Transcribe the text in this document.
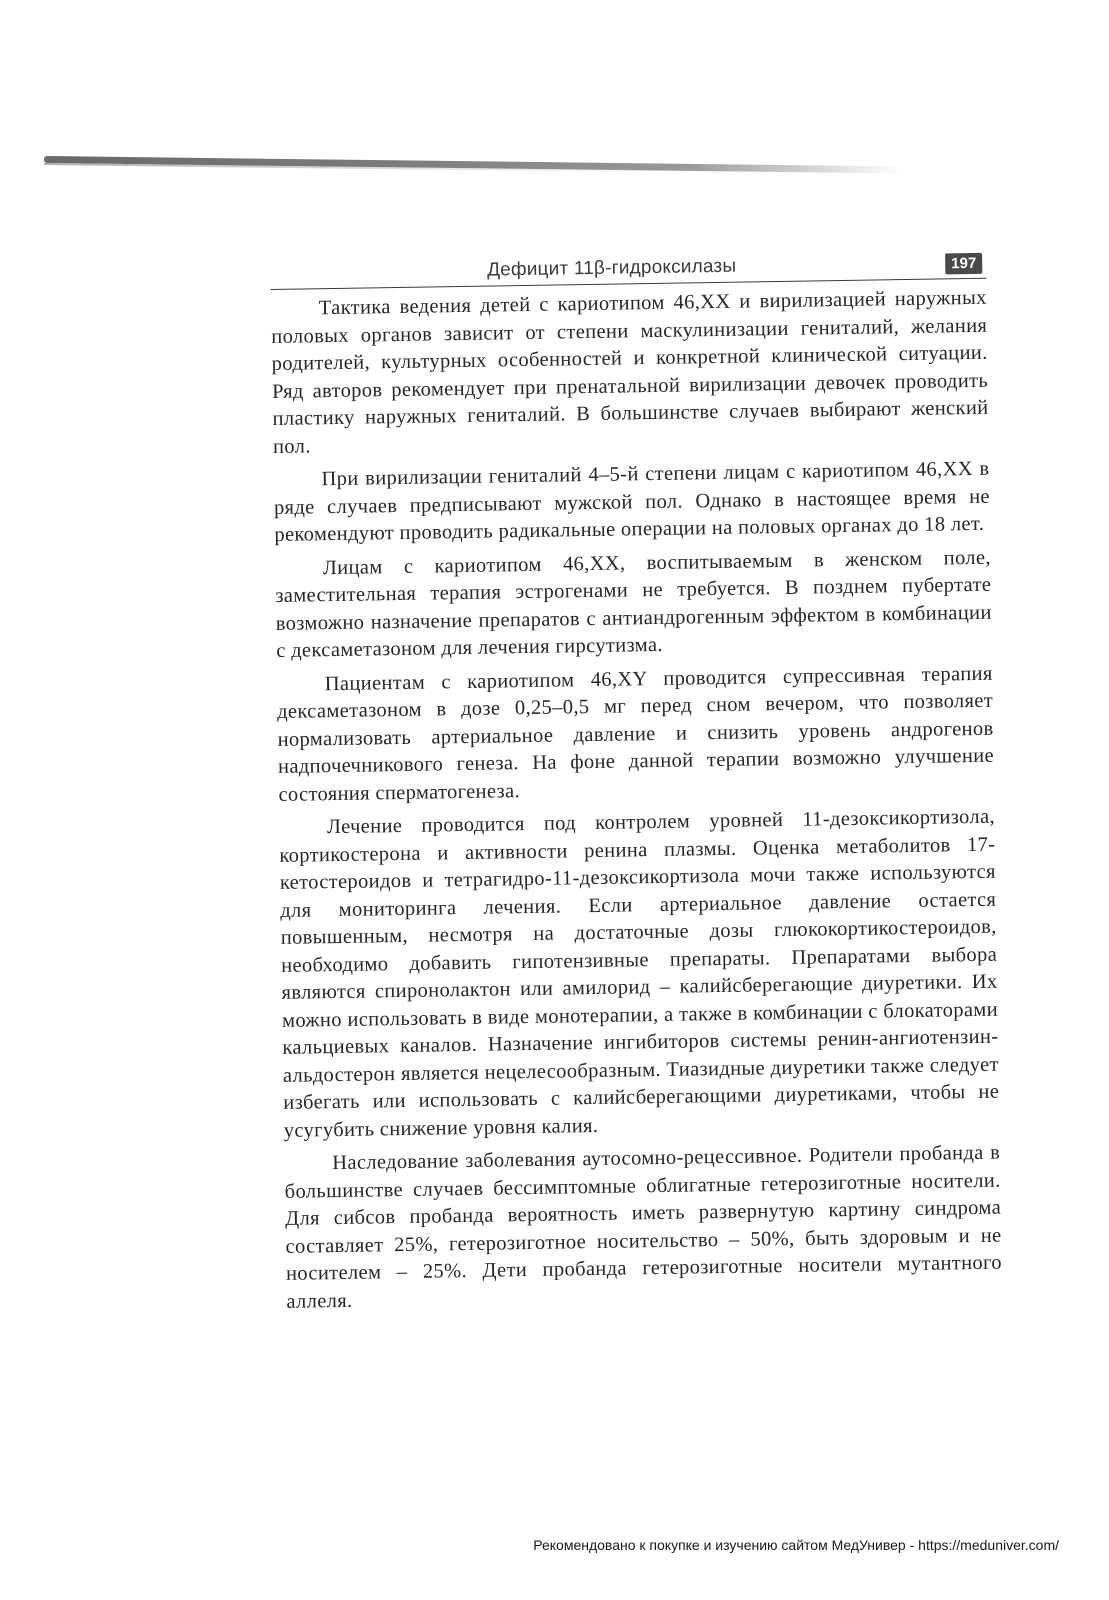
Дефицит 11β-гидроксилазы	197

Тактика ведения детей с кариотипом 46,XX и вирилизацией наружных половых органов зависит от степени маскулинизации гениталий, желания родителей, культурных особенностей и конкретной клинической ситуации. Ряд авторов рекомендует при пренатальной вирилизации девочек проводить пластику наружных гениталий. В большинстве случаев выбирают женский пол.

При вирилизации гениталий 4–5-й степени лицам с кариотипом 46,XX в ряде случаев предписывают мужской пол. Однако в настоящее время не рекомендуют проводить радикальные операции на половых органах до 18 лет.

Лицам с кариотипом 46,XX, воспитываемым в женском поле, заместительная терапия эстрогенами не требуется. В позднем пубертате возможно назначение препаратов с антиандрогенным эффектом в комбинации с дексаметазоном для лечения гирсутизма.

Пациентам с кариотипом 46,XY проводится супрессивная терапия дексаметазоном в дозе 0,25–0,5 мг перед сном вечером, что позволяет нормализовать артериальное давление и снизить уровень андрогенов надпочечникового генеза. На фоне данной терапии возможно улучшение состояния сперматогенеза.

Лечение проводится под контролем уровней 11-дезоксикортизола, кортикостерона и активности ренина плазмы. Оценка метаболитов 17-кетостероидов и тетрагидро-11-дезоксикортизола мочи также используются для мониторинга лечения. Если артериальное давление остается повышенным, несмотря на достаточные дозы глюкокортикостероидов, необходимо добавить гипотензивные препараты. Препаратами выбора являются спиронолактон или амилорид – калийсберегающие диуретики. Их можно использовать в виде монотерапии, а также в комбинации с блокаторами кальциевых каналов. Назначение ингибиторов системы ренин-ангиотензин-альдостерон является нецелесообразным. Тиазидные диуретики также следует избегать или использовать с калийсберегающими диуретиками, чтобы не усугубить снижение уровня калия.

Наследование заболевания аутосомно-рецессивное. Родители пробанда в большинстве случаев бессимптомные облигатные гетерозиготные носители. Для сибсов пробанда вероятность иметь развернутую картину синдрома составляет 25%, гетерозиготное носительство – 50%, быть здоровым и не носителем – 25%. Дети пробанда гетерозиготные носители мутантного аллеля.

Рекомендовано к покупке и изучению сайтом МедУнивер - https://meduniver.com/
